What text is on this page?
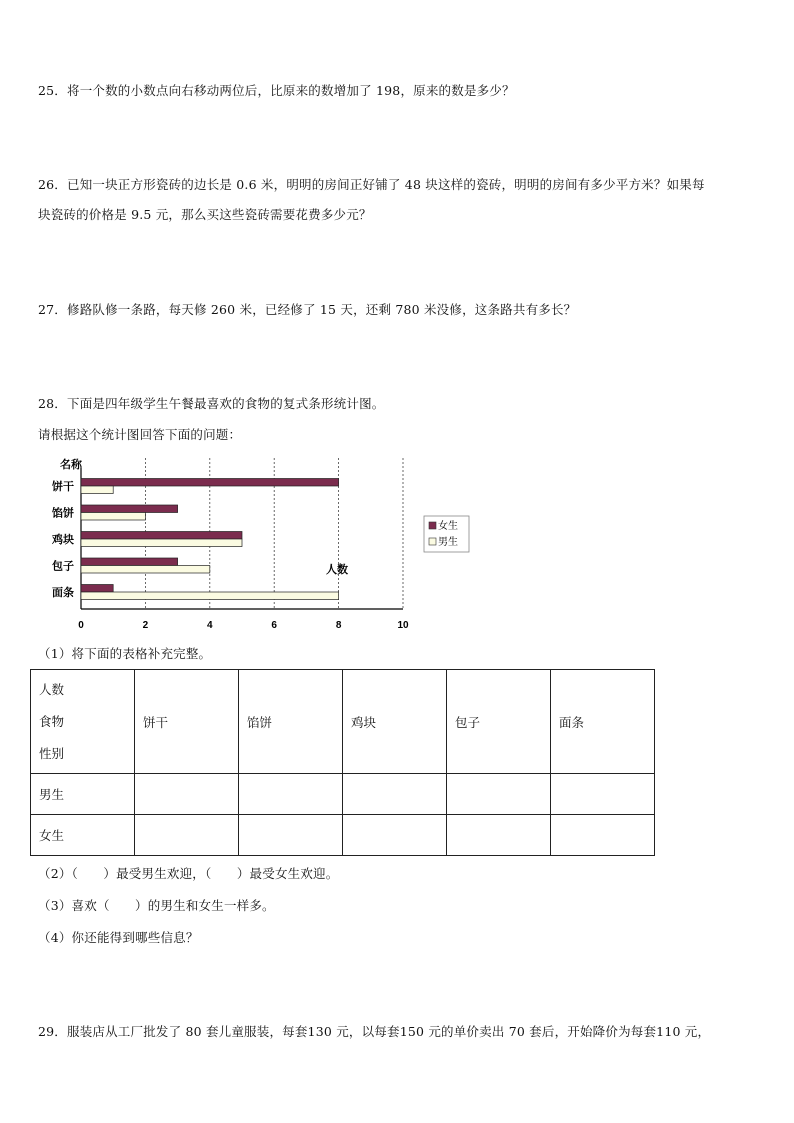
25．将一个数的小数点向右移动两位后，比原来的数增加了 198，原来的数是多少？

26．已知一块正方形瓷砖的边长是 0.6 米，明明的房间正好铺了 48 块这样的瓷砖，明明的房间有多少平方米？如果每

块瓷砖的价格是 9.5 元，那么买这些瓷砖需要花费多少元？

27．修路队修一条路，每天修 260 米，已经修了 15 天，还剩 780 米没修，这条路共有多长？

28．下面是四年级学生午餐最喜欢的食物的复式条形统计图。

请根据这个统计图回答下面的问题：

名称
饼干
馅饼
鸡块
包子
面条
0	2	4	6	8	10
人数
女生
男生

（1）将下面的表格补充完整。

人数
食物
性别	饼干	馅饼	鸡块	包子	面条
男生					
女生					

（2）（　　）最受男生欢迎，（　　）最受女生欢迎。

（3）喜欢（　　）的男生和女生一样多。

（4）你还能得到哪些信息？

29．服装店从工厂批发了 80 套儿童服装，每套130 元，以每套150 元的单价卖出 70 套后，开始降价为每套110 元，
